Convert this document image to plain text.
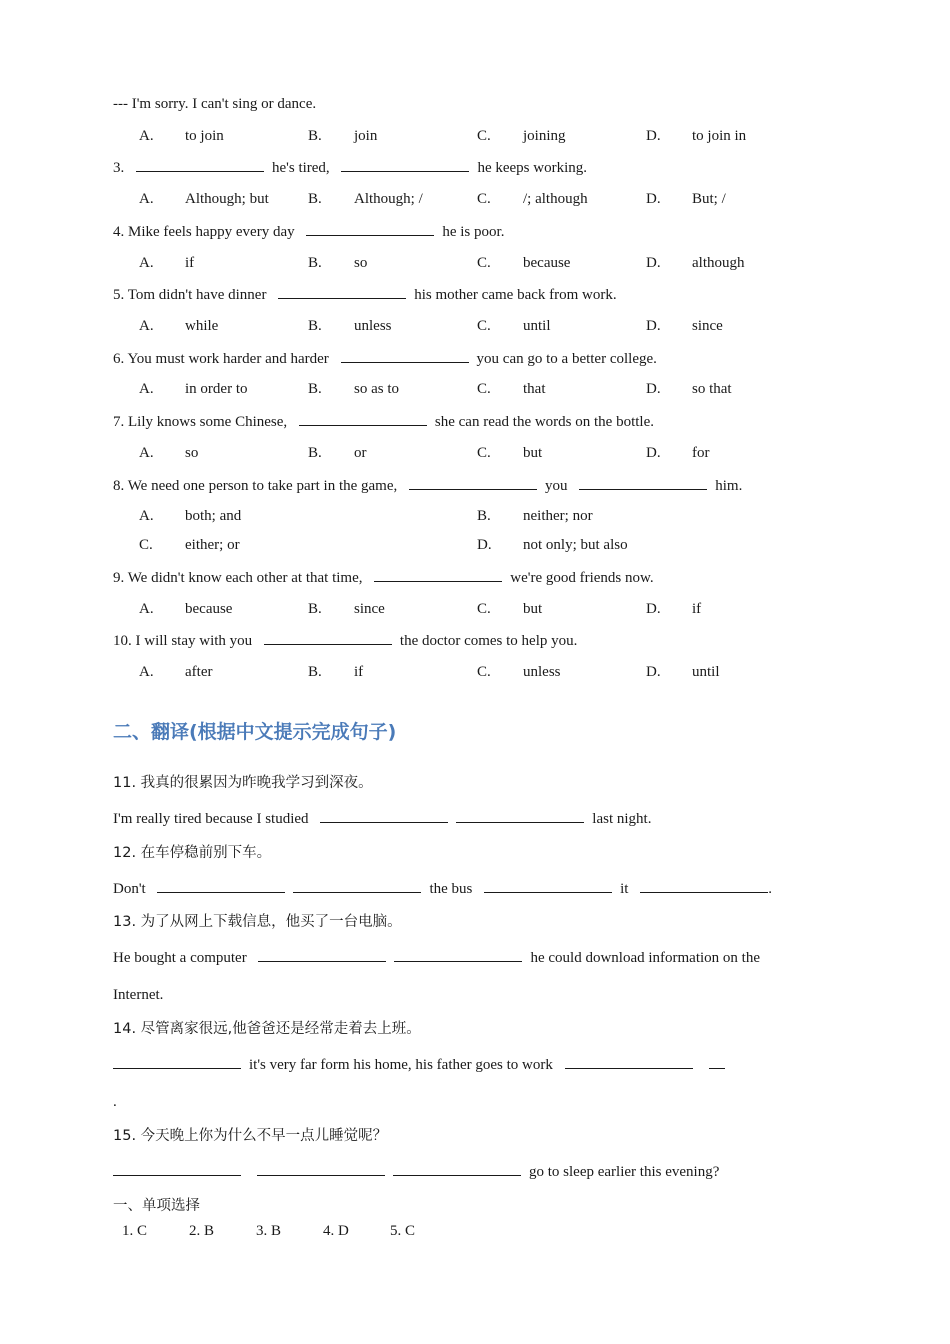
--- I'm sorry. I can't sing or dance.
A. to join	B. join	C. joining	D. to join in
3.	he's tired,	he keeps working.
A. Although; but	B. Although; /	C. /; although	D. But; /
4. Mike feels happy every day	he is poor.
A. if	B. so	C. because	D. although
5. Tom didn't have dinner	his mother came back from work.
A. while	B. unless	C. until	D. since
6. You must work harder and harder	you can go to a better college.
A. in order to	B. so as to	C. that	D. so that
7. Lily knows some Chinese,	she can read the words on the bottle.
A. so	B. or	C. but	D. for
8. We need one person to take part in the game,	you	him.
A. both; and	B. neither; nor
C. either; or	D. not only; but also
9. We didn't know each other at that time,	we're good friends now.
A. because	B. since	C. but	D. if
10. I will stay with you	the doctor comes to help you.
A. after	B. if	C. unless	D. until
二、翻译(根据中文提示完成句子)
11. 我真的很累因为昨晚我学习到深夜。
I'm really tired because I studied	last night.
12. 在车停稳前别下车。
Don't	the bus	it	.
13. 为了从网上下载信息，他买了一台电脑。
He bought a computer	he could download information on the
Internet.
14. 尽管离家很远,他爸爸还是经常走着去上班。
it's very far form his home, his father goes to work
.
15. 今天晚上你为什么不早一点儿睡觉呢？
go to sleep earlier this evening?
一、单项选择
1. C	2. B	3. B	4. D	5. C
